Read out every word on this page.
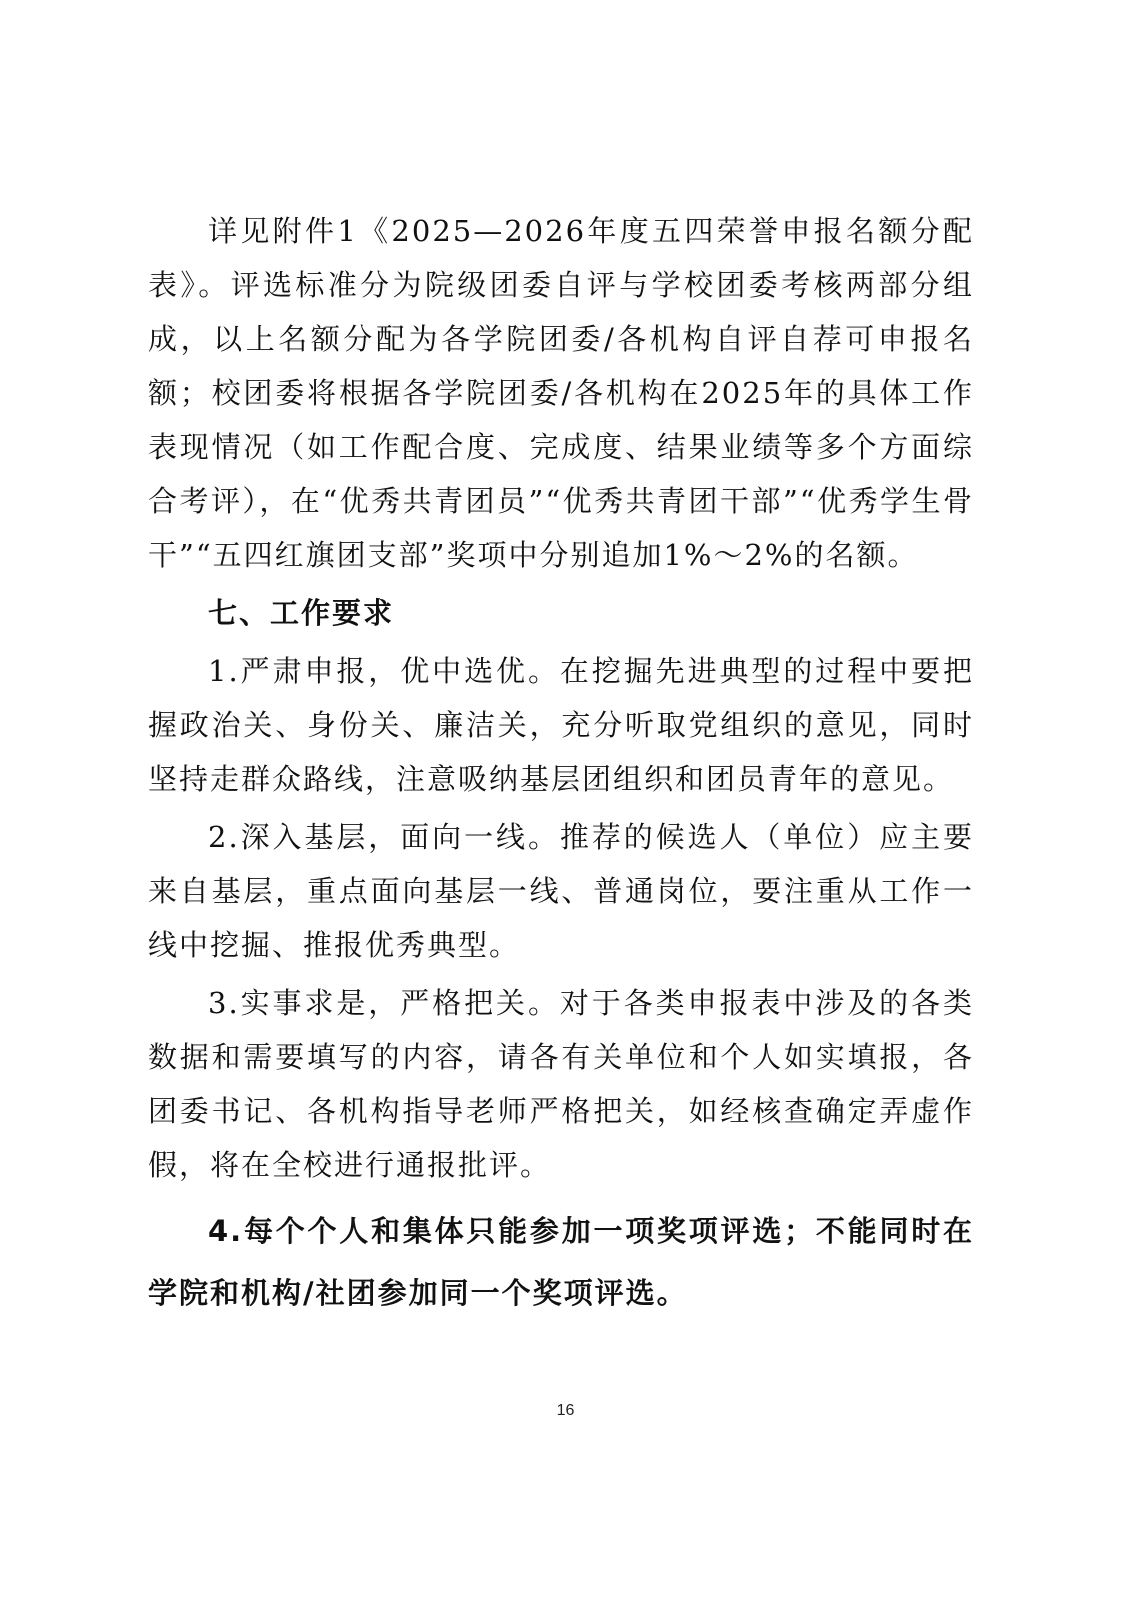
详见附件1《2025—2026年度五四荣誉申报名额分配表》。评选标准分为院级团委自评与学校团委考核两部分组成，以上名额分配为各学院团委/各机构自评自荐可申报名额；校团委将根据各学院团委/各机构在2025年的具体工作表现情况（如工作配合度、完成度、结果业绩等多个方面综合考评），在“优秀共青团员”“优秀共青团干部”“优秀学生骨干”“五四红旗团支部”奖项中分别追加1%～2%的名额。

七、工作要求

1.严肃申报，优中选优。在挖掘先进典型的过程中要把握政治关、身份关、廉洁关，充分听取党组织的意见，同时坚持走群众路线，注意吸纳基层团组织和团员青年的意见。

2.深入基层，面向一线。推荐的候选人（单位）应主要来自基层，重点面向基层一线、普通岗位，要注重从工作一线中挖掘、推报优秀典型。

3.实事求是，严格把关。对于各类申报表中涉及的各类数据和需要填写的内容，请各有关单位和个人如实填报，各团委书记、各机构指导老师严格把关，如经核查确定弄虚作假，将在全校进行通报批评。

4.每个个人和集体只能参加一项奖项评选；不能同时在学院和机构/社团参加同一个奖项评选。

16
